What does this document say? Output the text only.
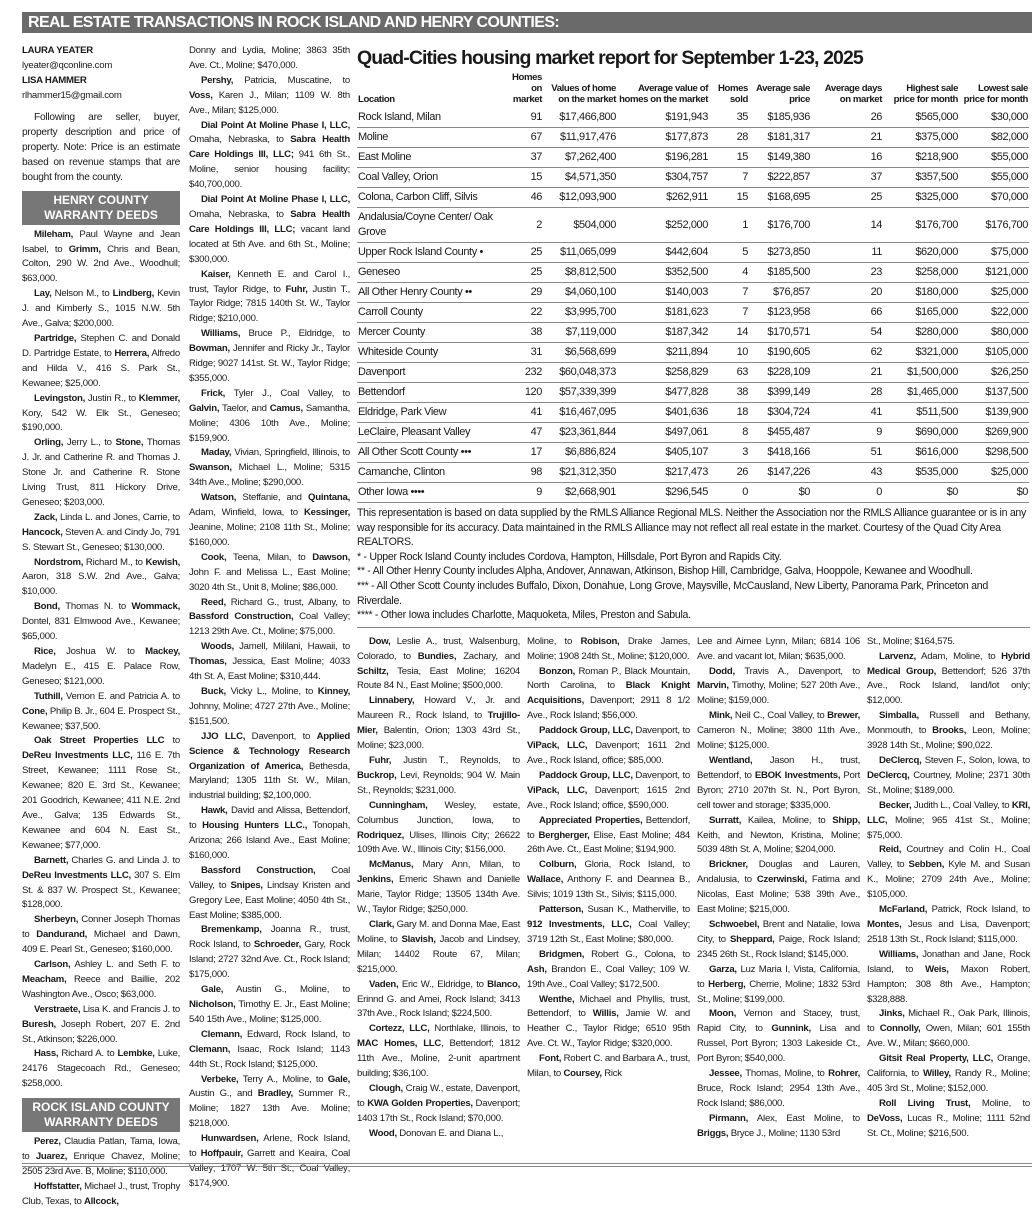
REAL ESTATE TRANSACTIONS IN ROCK ISLAND AND HENRY COUNTIES:
LAURA YEATER
lyeater@qconline.com
LISA HAMMER
rlhammer15@gmail.com

Following are seller, buyer, property description and price of property. Note: Price is an estimate based on revenue stamps that are bought from the county.

HENRY COUNTY WARRANTY DEEDS

Mileham, Paul Wayne and Jean Isabel, to Grimm, Chris and Bean, Colton, 290 W. 2nd Ave., Woodhull; $63,000.

Lay, Nelson M., to Lindberg, Kevin J. and Kimberly S., 1015 N.W. 5th Ave., Galva; $200,000.

Partridge, Stephen C. and Donald D. Partridge Estate, to Herrera, Alfredo and Hilda V., 416 S. Park St., Kewanee; $25,000.

Levingston, Justin R., to Klemmer, Kory, 542 W. Elk St., Geneseo; $190,000.

Orling, Jerry L., to Stone, Thomas J. Jr. and Catherine R. and Thomas J. Stone Jr. and Catherine R. Stone Living Trust, 811 Hickory Drive, Geneseo; $203,000.

Zack, Linda L. and Jones, Carrie, to Hancock, Steven A. and Cindy Jo, 791 S. Stewart St., Geneseo; $130,000.

Nordstrom, Richard M., to Kewish, Aaron, 318 S.W. 2nd Ave., Galva; $10,000.

Bond, Thomas N. to Wommack, Dontel, 831 Elmwood Ave., Kewanee; $65,000.

Rice, Joshua W. to Mackey, Madelyn E., 415 E. Palace Row, Geneseo; $121,000.

Tuthill, Vernon E. and Patricia A. to Cone, Philip B. Jr., 604 E. Prospect St., Kewanee; $37,500.

Oak Street Properties LLC to DeReu Investments LLC, 116 E. 7th Street, Kewanee; 1111 Rose St., Kewanee; 820 E. 3rd St., Kewanee; 201 Goodrich, Kewanee; 411 N.E. 2nd Ave., Galva; 135 Edwards St., Kewanee and 604 N. East St., Kewanee; $77,000.

Barnett, Charles G. and Linda J. to DeReu Investments LLC, 307 S. Elm St. & 837 W. Prospect St., Kewanee; $128,000.

Sherbeyn, Conner Joseph Thomas to Dandurand, Michael and Dawn, 409 E. Pearl St., Geneseo; $160,000.

Carlson, Ashley L. and Seth F. to Meacham, Reece and Baillie, 202 Washington Ave., Osco; $63,000.

Verstraete, Lisa K. and Francis J. to Buresh, Joseph Robert, 207 E. 2nd St., Atkinson; $226,000.

Hass, Richard A. to Lembke, Luke, 24176 Stagecoach Rd., Geneseo; $258,000.

ROCK ISLAND COUNTY WARRANTY DEEDS

Perez, Claudia Patlan, Tama, Iowa, to Juarez, Enrique Chavez, Moline; 2505 23rd Ave. B, Moline; $110,000.

Hoffstatter, Michael J., trust, Trophy Club, Texas, to Allcock,

Donny and Lydia, Moline; 3863 35th Ave. Ct., Moline; $470,000.

Pershy, Patricia, Muscatine, to Voss, Karen J., Milan; 1109 W. 8th Ave., Milan; $125,000.

Dial Point At Moline Phase I, LLC, Omaha, Nebraska, to Sabra Health Care Holdings III, LLC; 941 6th St., Moline, senior housing facility; $40,700,000.

Dial Point At Moline Phase I, LLC, Omaha, Nebraska, to Sabra Health Care Holdings III, LLC; vacant land located at 5th Ave. and 6th St., Moline; $300,000.

Kaiser, Kenneth E. and Carol I., trust, Taylor Ridge, to Fuhr, Justin T., Taylor Ridge; 7815 140th St. W., Taylor Ridge; $210,000.

Williams, Bruce P., Eldridge, to Bowman, Jennifer and Ricky Jr., Taylor Ridge; 9027 141st. St. W., Taylor Ridge; $355,000.

Frick, Tyler J., Coal Valley, to Galvin, Taelor, and Camus, Samantha, Moline; 4306 10th Ave., Moline; $159,900.

Maday, Vivian, Springfield, Illinois, to Swanson, Michael L., Moline; 5315 34th Ave., Moline; $290,000.

Watson, Steffanie, and Quintana, Adam, Winfield, Iowa, to Kessinger, Jeanine, Moline; 2108 11th St., Moline; $160,000.

Cook, Teena, Milan, to Dawson, John F. and Melissa L., East Moline; 3020 4th St., Unit 8, Moline; $86,000.

Reed, Richard G., trust, Albany, to Bassford Construction, Coal Valley; 1213 29th Ave. Ct., Moline; $75,000.

Woods, Jamell, Mililani, Hawaii, to Thomas, Jessica, East Moline; 4033 4th St. A, East Moline; $310,444.

Buck, Vicky L., Moline, to Kinney, Johnny, Moline; 4727 27th Ave., Moline; $151,500.

JJO LLC, Davenport, to Applied Science & Technology Research Organization of America, Bethesda, Maryland; 1305 11th St. W., Milan, industrial building; $2,100,000.

Hawk, David and Alissa, Bettendorf, to Housing Hunters LLC., Tonopah, Arizona; 266 Island Ave., East Moline; $160,000.

Bassford Construction, Coal Valley, to Snipes, Lindsay Kristen and Gregory Lee, East Moline; 4050 4th St., East Moline; $385,000.

Bremenkamp, Joanna R., trust, Rock Island, to Schroeder, Gary, Rock Island; 2727 32nd Ave. Ct., Rock Island; $175,000.

Gale, Austin G., Moline, to Nicholson, Timothy E. Jr., East Moline; 540 15th Ave., Moline; $125,000.

Clemann, Edward, Rock Island, to Clemann, Isaac, Rock Island; 1143 44th St., Rock Island; $125,000.

Verbeke, Terry A., Moline, to Gale, Austin G., and Bradley, Summer R., Moline; 1827 13th Ave. Moline; $218,000.

Hunwardsen, Arlene, Rock Island, to Hoffpauir, Garrett and Keaira, Coal Valley; 1707 W. 5th St., Coal Valley; $174,900.

Quad-Cities housing market report for September 1-23, 2025
Location	Homes on market	Values of home on the market	Average value of homes on the market	Homes sold	Average sale price	Average days on market	Highest sale price for month	Lowest sale price for month
Rock Island, Milan	91	$17,466,800	$191,943	35	$185,936	26	$565,000	$30,000
Moline	67	$11,917,476	$177,873	28	$181,317	21	$375,000	$82,000
East Moline	37	$7,262,400	$196,281	15	$149,380	16	$218,900	$55,000
Coal Valley, Orion	15	$4,571,350	$304,757	7	$222,857	37	$357,500	$55,000
Colona, Carbon Cliff, Silvis	46	$12,093,900	$262,911	15	$168,695	25	$325,000	$70,000
Andalusia/Coyne Center/ Oak Grove	2	$504,000	$252,000	1	$176,700	14	$176,700	$176,700
Upper Rock Island County •	25	$11,065,099	$442,604	5	$273,850	11	$620,000	$75,000
Geneseo	25	$8,812,500	$352,500	4	$185,500	23	$258,000	$121,000
All Other Henry County ••	29	$4,060,100	$140,003	7	$76,857	20	$180,000	$25,000
Carroll County	22	$3,995,700	$181,623	7	$123,958	66	$165,000	$22,000
Mercer County	38	$7,119,000	$187,342	14	$170,571	54	$280,000	$80,000
Whiteside County	31	$6,568,699	$211,894	10	$190,605	62	$321,000	$105,000
Davenport	232	$60,048,373	$258,829	63	$228,109	21	$1,500,000	$26,250
Bettendorf	120	$57,339,399	$477,828	38	$399,149	28	$1,465,000	$137,500
Eldridge, Park View	41	$16,467,095	$401,636	18	$304,724	41	$511,500	$139,900
LeClaire, Pleasant Valley	47	$23,361,844	$497,061	8	$455,487	9	$690,000	$269,900
All Other Scott County •••	17	$6,886,824	$405,107	3	$418,166	51	$616,000	$298,500
Camanche, Clinton	98	$21,312,350	$217,473	26	$147,226	43	$535,000	$25,000
Other Iowa ••••	9	$2,668,901	$296,545	0	$0	0	$0	$0
This representation is based on data supplied by the RMLS Alliance Regional MLS. Neither the Association nor the RMLS Alliance guarantee or is in any way responsible for its accuracy. Data maintained in the RMLS Alliance may not reflect all real estate in the market. Courtesy of the Quad City Area REALTORS.
* - Upper Rock Island County includes Cordova, Hampton, Hillsdale, Port Byron and Rapids City.
** - All Other Henry County includes Alpha, Andover, Annawan, Atkinson, Bishop Hill, Cambridge, Galva, Hooppole, Kewanee and Woodhull.
*** - All Other Scott County includes Buffalo, Dixon, Donahue, Long Grove, Maysville, McCausland, New Liberty, Panorama Park, Princeton and Riverdale.
**** - Other Iowa includes Charlotte, Maquoketa, Miles, Preston and Sabula.

Dow, Leslie A., trust, Walsenburg, Colorado, to Bundies, Zachary, and Schiltz, Tesia, East Moline; 16204 Route 84 N., East Moline; $500,000.

Linnabery, Howard V., Jr. and Maureen R., Rock Island, to Trujillo-Mier, Balentin, Orion; 1303 43rd St., Moline; $23,000.

Fuhr, Justin T., Reynolds, to Buckrop, Levi, Reynolds; 904 W. Main St., Reynolds; $231,000.

Cunningham, Wesley, estate, Columbus Junction, Iowa, to Rodriquez, Ulises, Illinois City; 26622 109th Ave. W., Illinois City; $156,000.

McManus, Mary Ann, Milan, to Jenkins, Emeric Shawn and Danielle Marie, Taylor Ridge; 13505 134th Ave. W., Taylor Ridge; $250,000.

Clark, Gary M. and Donna Mae, East Moline, to Slavish, Jacob and Lindsey, Milan; 14402 Route 67, Milan; $215,000.

Vaden, Eric W., Eldridge, to Blanco, Erinnd G. and Amei, Rock Island; 3413 37th Ave., Rock Island; $224,500.

Cortezz, LLC, Northlake, Illinois, to MAC Homes, LLC, Bettendorf; 1812 11th Ave., Moline, 2-unit apartment building; $36,100.

Clough, Craig W., estate, Davenport, to KWA Golden Properties, Davenport; 1403 17th St., Rock Island; $70,000.

Wood, Donovan E. and Diana L.,

Moline, to Robison, Drake James, Moline; 1908 24th St., Moline; $120,000.

Bonzon, Roman P., Black Mountain, North Carolina, to Black Knight Acquisitions, Davenport; 2911 8 1/2 Ave., Rock Island; $56,000.

Paddock Group, LLC, Davenport, to ViPack, LLC, Davenport; 1611 2nd Ave., Rock Island, office; $85,000.

Paddock Group, LLC, Davenport, to ViPack, LLC, Davenport; 1615 2nd Ave., Rock Island; office, $590,000.

Appreciated Properties, Bettendorf, to Bergherger, Elise, East Moline; 484 26th Ave. Ct., East Moline; $194,900.

Colburn, Gloria, Rock Island, to Wallace, Anthony F. and Deannea B., Silvis; 1019 13th St., Silvis; $115,000.

Patterson, Susan K., Matherville, to 912 Investments, LLC, Coal Valley; 3719 12th St., East Moline; $80,000.

Bridgmen, Robert G., Colona, to Ash, Brandon E., Coal Valley; 109 W. 19th Ave., Coal Valley; $172,500.

Wenthe, Michael and Phyllis, trust, Bettendorf, to Willis, Jamie W. and Heather C., Taylor Ridge; 6510 95th Ave. Ct. W., Taylor Ridge; $320,000.

Font, Robert C. and Barbara A., trust, Milan, to Coursey, Rick

Lee and Aimee Lynn, Milan; 6814 106 Ave. and vacant lot, Milan; $635,000.

Dodd, Travis A., Davenport, to Marvin, Timothy, Moline; 527 20th Ave., Moline; $159,000.

Mink, Neil C., Coal Valley, to Brewer, Cameron N., Moline; 3800 11th Ave., Moline; $125,000.

Wentland, Jason H., trust, Bettendorf, to EBOK Investments, Port Byron; 2710 207th St. N., Port Byron, cell tower and storage; $335,000.

Surratt, Kailea, Moline, to Shipp, Keith, and Newton, Kristina, Moline; 5039 48th St. A, Moline; $204,000.

Brickner, Douglas and Lauren, Andalusia, to Czerwinski, Fatima and Nicolas, East Moline; 538 39th Ave., East Moline; $215,000.

Schwoebel, Brent and Natalie, Iowa City, to Sheppard, Paige, Rock Island; 2345 26th St., Rock Island; $145,000.

Garza, Luz Maria I, Vista, California, to Herberg, Cherrie, Moline; 1832 53rd St., Moline; $199,000.

Moon, Vernon and Stacey, trust, Rapid City, to Gunnink, Lisa and Russel, Port Byron; 1303 Lakeside Ct., Port Byron; $540,000.

Jessee, Thomas, Moline, to Rohrer, Bruce, Rock Island; 2954 13th Ave., Rock Island; $86,000.

Pirmann, Alex, East Moline, to Briggs, Bryce J., Moline; 1130 53rd

St., Moline; $164,575.

Larvenz, Adam, Moline, to Hybrid Medical Group, Bettendorf; 526 37th Ave., Rock Island, land/lot only; $12,000.

Simballa, Russell and Bethany, Monmouth, to Brooks, Leon, Moline; 3928 14th St., Moline; $90,022.

DeClercq, Steven F., Solon, Iowa, to DeClercq, Courtney, Moline; 2371 30th St., Moline; $189,000.

Becker, Judith L., Coal Valley, to KRI, LLC, Moline; 965 41st St., Moline; $75,000.

Reid, Courtney and Colin H., Coal Valley, to Sebben, Kyle M. and Susan K., Moline; 2709 24th Ave., Moline; $105,000.

McFarland, Patrick, Rock Island, to Montes, Jesus and Lisa, Davenport; 2518 13th St., Rock Island; $115,000.

Williams, Jonathan and Jane, Rock Island, to Weis, Maxon Robert, Hampton; 308 8th Ave., Hampton; $328,888.

Jinks, Michael R., Oak Park, Illinois, to Connolly, Owen, Milan; 601 155th Ave. W., Milan; $660,000.

Gitsit Real Property, LLC, Orange, California, to Willey, Randy R., Moline; 405 3rd St., Moline; $152,000.

Roll Living Trust, Moline, to DeVoss, Lucas R., Moline; 1111 52nd St. Ct., Moline; $216,500.
